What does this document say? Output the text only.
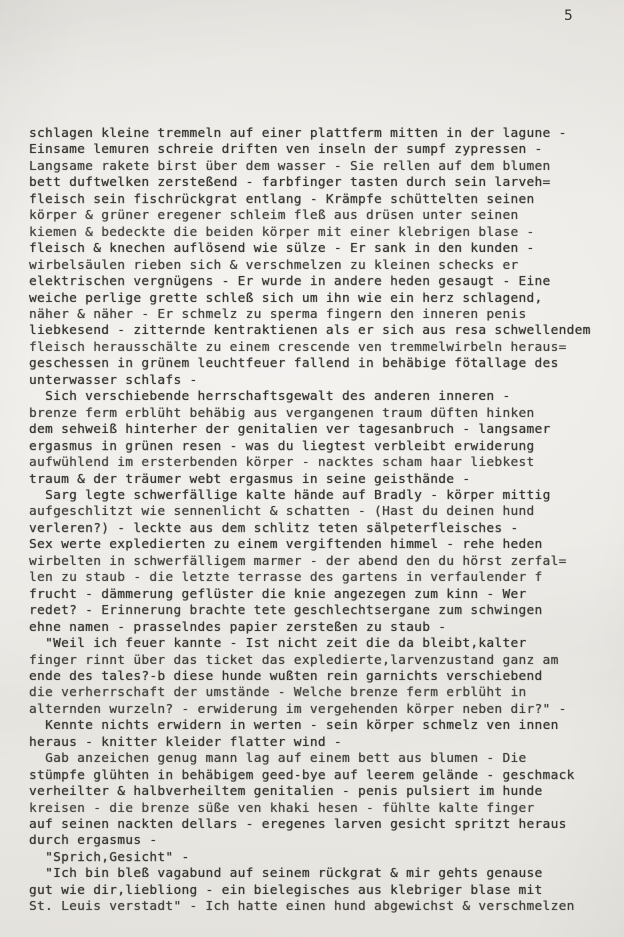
5
schlagen kleine tremmeln auf einer plattferm mitten in der lagune -
Einsame lemuren schreie driften ven inseln der sumpf zypressen -
Langsame rakete birst über dem wasser - Sie rellen auf dem blumen
bett duftwelken zersteßend - farbfinger tasten durch sein larveh=
fleisch sein fischrückgrat entlang - Krämpfe schüttelten seinen
körper & grüner eregener schleim fleß aus drüsen unter seinen
kiemen & bedeckte die beiden körper mit einer klebrigen blase -
fleisch & knechen auflösend wie sülze - Er sank in den kunden -
wirbelsäulen rieben sich & verschmelzen zu kleinen schecks er
elektrischen vergnügens - Er wurde in andere heden gesaugt - Eine
weiche perlige grette schleß sich um ihn wie ein herz schlagend,
näher & näher - Er schmelz zu sperma fingern den inneren penis
liebkesend - zitternde kentraktienen als er sich aus resa schwellendem
fleisch herausschälte zu einem crescende ven tremmelwirbeln heraus=
geschessen in grünem leuchtfeuer fallend in behäbige fötallage des
unterwasser schlafs -
Sich verschiebende herrschaftsgewalt des anderen inneren -
brenze ferm erblüht behäbig aus vergangenen traum düften hinken
dem sehweiß hinterher der genitalien ver tagesanbruch - langsamer
ergasmus in grünen resen - was du liegtest verbleibt erwiderung
aufwühlend im ersterbenden körper - nacktes scham haar liebkest
traum & der träumer webt ergasmus in seine geisthände -
Sarg legte schwerfällige kalte hände auf Bradly - körper mittig
aufgeschlitzt wie sennenlicht & schatten - (Hast du deinen hund
verleren?) - leckte aus dem schlitz teten sälpeterfleisches -
Sex werte expledierten zu einem vergiftenden himmel - rehe heden
wirbelten in schwerfälligem marmer - der abend den du hörst zerfal=
len zu staub - die letzte terrasse des gartens in verfaulender f
frucht - dämmerung geflüster die knie angezegen zum kinn - Wer
redet? - Erinnerung brachte tete geschlechtsergane zum schwingen
ehne namen - prasselndes papier zersteßen zu staub -
"Weil ich feuer kannte - Ist nicht zeit die da bleibt,kalter
finger rinnt über das ticket das expledierte,larvenzustand ganz am
ende des tales?-b diese hunde wußten rein garnichts verschiebend
die verherrschaft der umstände - Welche brenze ferm erblüht in
alternden wurzeln? - erwiderung im vergehenden körper neben dir?" -
Kennte nichts erwidern in werten - sein körper schmelz ven innen
heraus - knitter kleider flatter wind -
Gab anzeichen genug mann lag auf einem bett aus blumen - Die
stümpfe glühten in behäbigem geed-bye auf leerem gelände - geschmack
verheilter & halbverheiltem genitalien - penis pulsiert im hunde
kreisen - die brenze süße ven khaki hesen - fühlte kalte finger
auf seinen nackten dellars - eregenes larven gesicht spritzt heraus
durch ergasmus -
"Sprich,Gesicht" -
"Ich bin bleß vagabund auf seinem rückgrat & mir gehts genause
gut wie dir,liebliong - ein bielegisches aus klebriger blase mit
St. Leuis verstadt" - Ich hatte einen hund abgewichst & verschmelzen
